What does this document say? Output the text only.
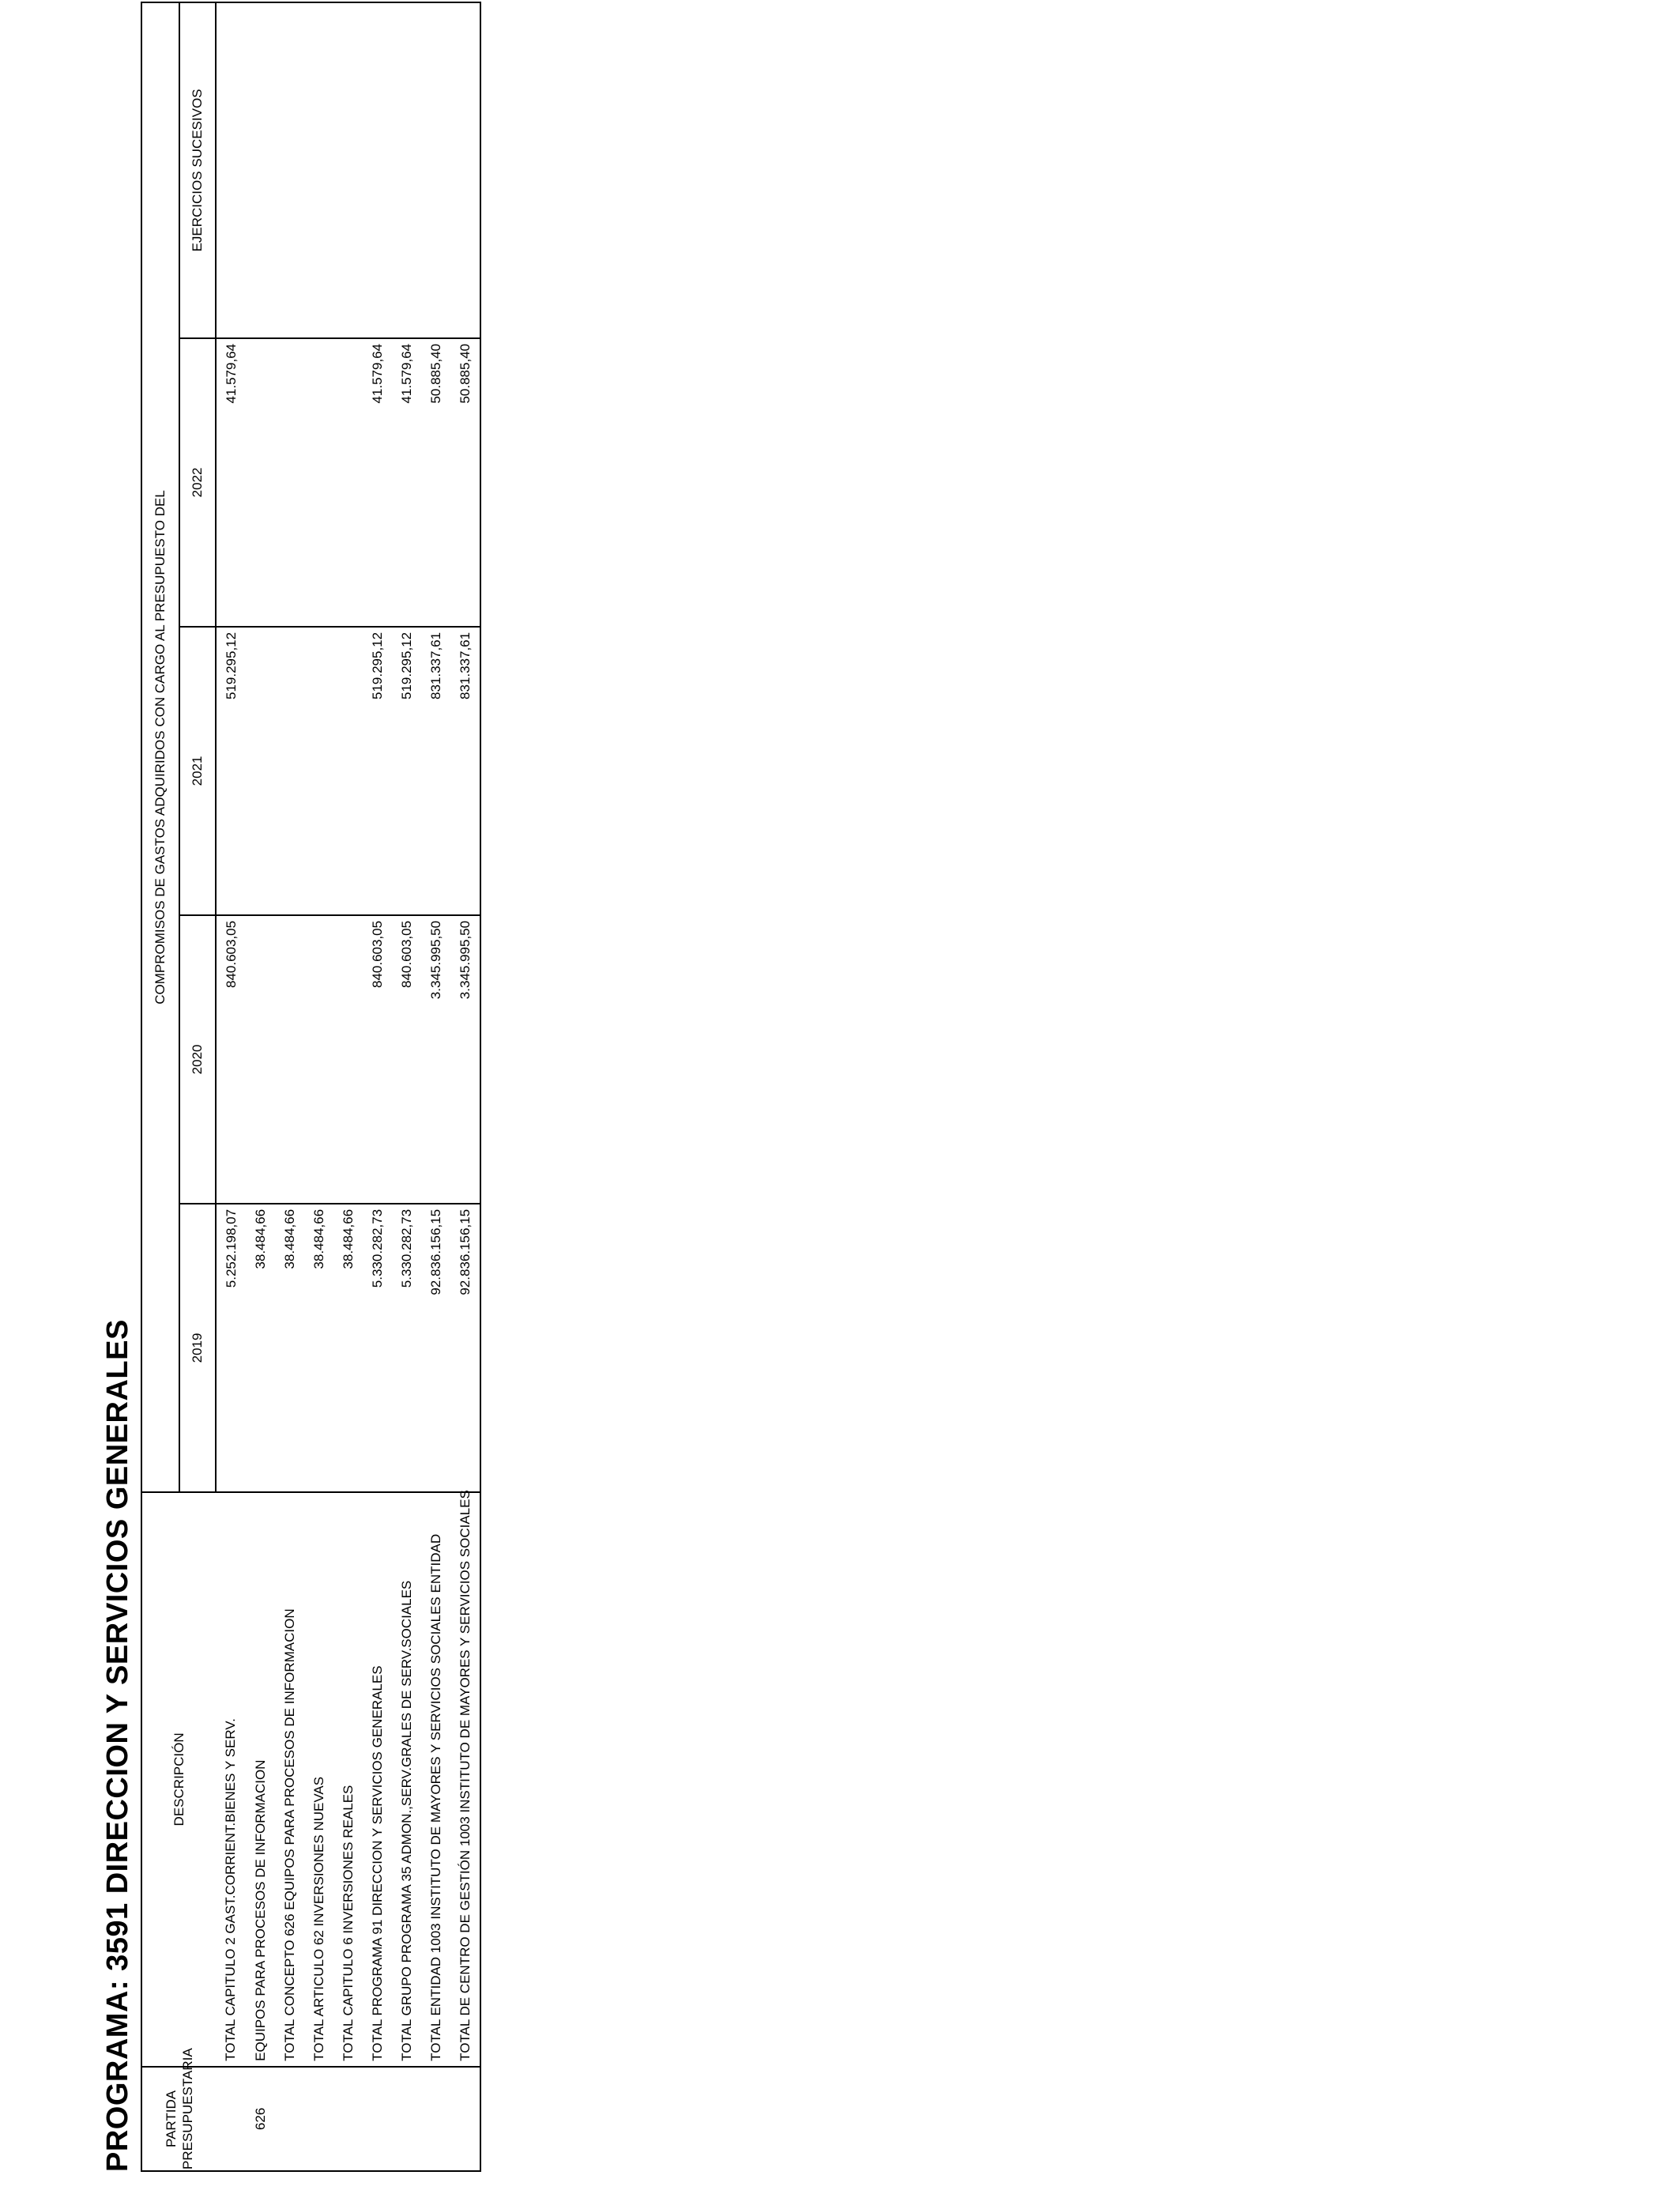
PROGRAMA: 3591 DIRECCION Y SERVICIOS GENERALES PARTIDA PRESUPUESTARIA	DESCRIPCIÓN	COMPROMISOS DE GASTOS ADQUIRIDOS CON CARGO AL PRESUPUESTO DEL				
		2019	2020	2021	2022	EJERCICIOS SUCESIVOS
	TOTAL CAPITULO 2 GAST.CORRIENT.BIENES Y SERV.	5.252.198,07	840.603,05	519.295,12	41.579,64	
626	EQUIPOS PARA PROCESOS DE INFORMACION	38.484,66				
	TOTAL CONCEPTO 626 EQUIPOS PARA PROCESOS DE INFORMACION	38.484,66				
	TOTAL ARTICULO 62 INVERSIONES NUEVAS	38.484,66				
	TOTAL CAPITULO 6 INVERSIONES REALES	38.484,66				
	TOTAL PROGRAMA 91 DIRECCION Y SERVICIOS GENERALES	5.330.282,73	840.603,05	519.295,12	41.579,64	
	TOTAL GRUPO PROGRAMA 35 ADMON.,SERV.GRALES DE SERV.SOCIALES	5.330.282,73	840.603,05	519.295,12	41.579,64	
	TOTAL ENTIDAD 1003 INSTITUTO DE MAYORES Y SERVICIOS SOCIALES ENTIDAD	92.836.156,15	3.345.995,50	831.337,61	50.885,40	
	TOTAL DE CENTRO DE GESTIÓN 1003 INSTITUTO DE MAYORES Y SERVICIOS SOCIALES	92.836.156,15	3.345.995,50	831.337,61	50.885,40	
